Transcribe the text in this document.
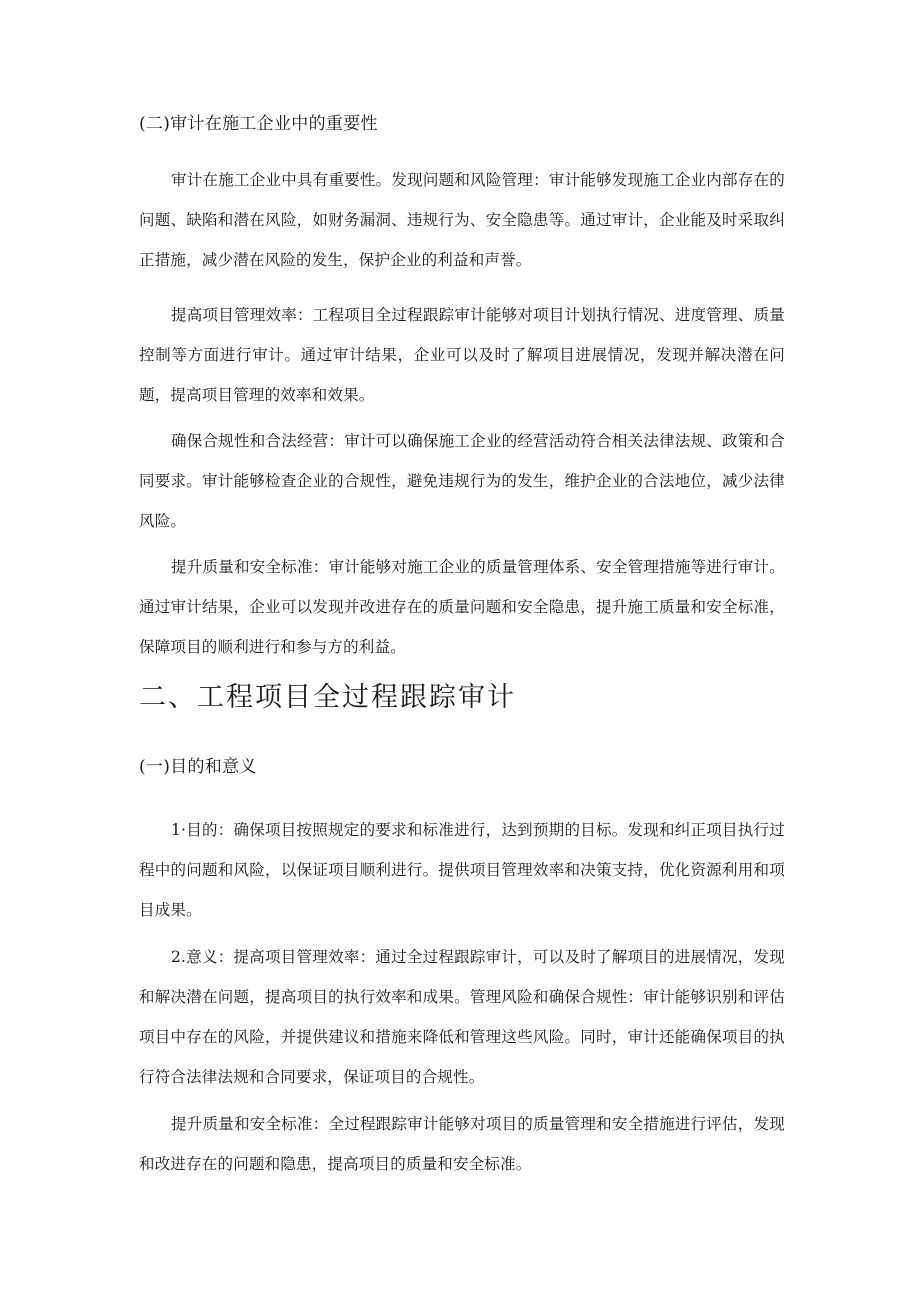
(二)审计在施工企业中的重要性

审计在施工企业中具有重要性。发现问题和风险管理：审计能够发现施工企业内部存在的问题、缺陷和潜在风险，如财务漏洞、违规行为、安全隐患等。通过审计，企业能及时采取纠正措施，减少潜在风险的发生，保护企业的利益和声誉。

提高项目管理效率：工程项目全过程跟踪审计能够对项目计划执行情况、进度管理、质量控制等方面进行审计。通过审计结果，企业可以及时了解项目进展情况，发现并解决潜在问题，提高项目管理的效率和效果。

确保合规性和合法经营：审计可以确保施工企业的经营活动符合相关法律法规、政策和合同要求。审计能够检查企业的合规性，避免违规行为的发生，维护企业的合法地位，减少法律风险。

提升质量和安全标准：审计能够对施工企业的质量管理体系、安全管理措施等进行审计。通过审计结果，企业可以发现并改进存在的质量问题和安全隐患，提升施工质量和安全标准，保障项目的顺利进行和参与方的利益。

二、工程项目全过程跟踪审计
(一)目的和意义

1·目的：确保项目按照规定的要求和标准进行，达到预期的目标。发现和纠正项目执行过程中的问题和风险，以保证项目顺利进行。提供项目管理效率和决策支持，优化资源利用和项目成果。

2.意义：提高项目管理效率：通过全过程跟踪审计，可以及时了解项目的进展情况，发现和解决潜在问题，提高项目的执行效率和成果。管理风险和确保合规性：审计能够识别和评估项目中存在的风险，并提供建议和措施来降低和管理这些风险。同时，审计还能确保项目的执行符合法律法规和合同要求，保证项目的合规性。

提升质量和安全标准：全过程跟踪审计能够对项目的质量管理和安全措施进行评估，发现和改进存在的问题和隐患，提高项目的质量和安全标准。
